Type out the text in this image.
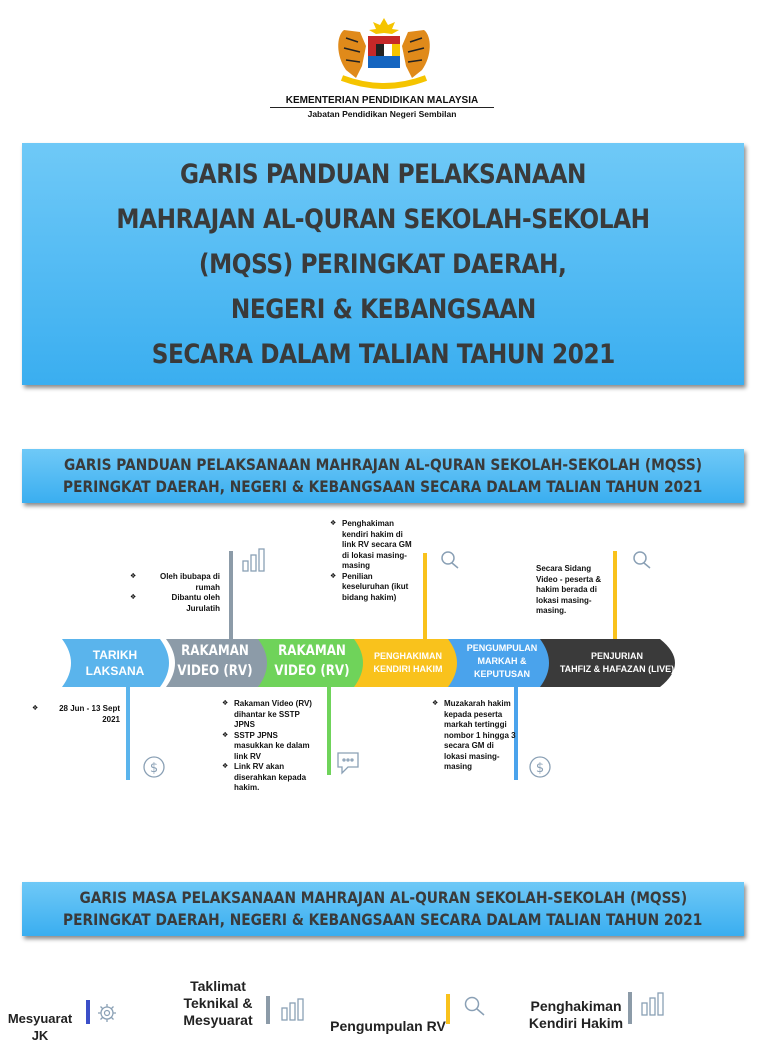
KEMENTERIAN PENDIDIKAN MALAYSIA
Jabatan Pendidikan Negeri Sembilan
GARIS PANDUAN PELAKSANAAN
MAHRAJAN AL-QURAN SEKOLAH-SEKOLAH
(MQSS) PERINGKAT DAERAH,
NEGERI & KEBANGSAAN
SECARA DALAM TALIAN TAHUN 2021
GARIS PANDUAN PELAKSANAAN MAHRAJAN AL-QURAN SEKOLAH-SEKOLAH (MQSS)
PERINGKAT DAERAH, NEGERI & KEBANGSAAN SECARA DALAM TALIAN TAHUN 2021
$	$
TARIKH
LAKSANA
RAKAMAN
VIDEO (RV)
RAKAMAN
VIDEO (RV)
PENGHAKIMAN
KENDIRI HAKIM
PENGUMPULAN
MARKAH &
KEPUTUSAN
PENJURIAN
TAHFIZ & HAFAZAN (LIVE)
❖ 28 Jun - 13 Sept 2021
❖ Oleh ibubapa di rumah
❖ Dibantu oleh Jurulatih
❖ Rakaman Video (RV) dihantar ke SSTP JPNS
❖ SSTP JPNS masukkan ke dalam link RV
❖ Link RV akan diserahkan kepada hakim.
❖ Penghakiman kendiri hakim di link RV secara GM di lokasi masing-masing
❖ Penilian keseluruhan (ikut bidang hakim)
❖ Muzakarah hakim kepada peserta markah tertinggi nombor 1 hingga 3 secara GM di lokasi masing-masing
Secara Sidang Video - peserta & hakim berada di lokasi masing-masing.
GARIS MASA PELAKSANAAN MAHRAJAN AL-QURAN SEKOLAH-SEKOLAH (MQSS)
PERINGKAT DAERAH, NEGERI & KEBANGSAAN SECARA DALAM TALIAN TAHUN 2021
Mesyuarat JK
Taklimat
Teknikal &
Mesyuarat	Pengumpulan RV
Penghakiman
Kendiri Hakim
